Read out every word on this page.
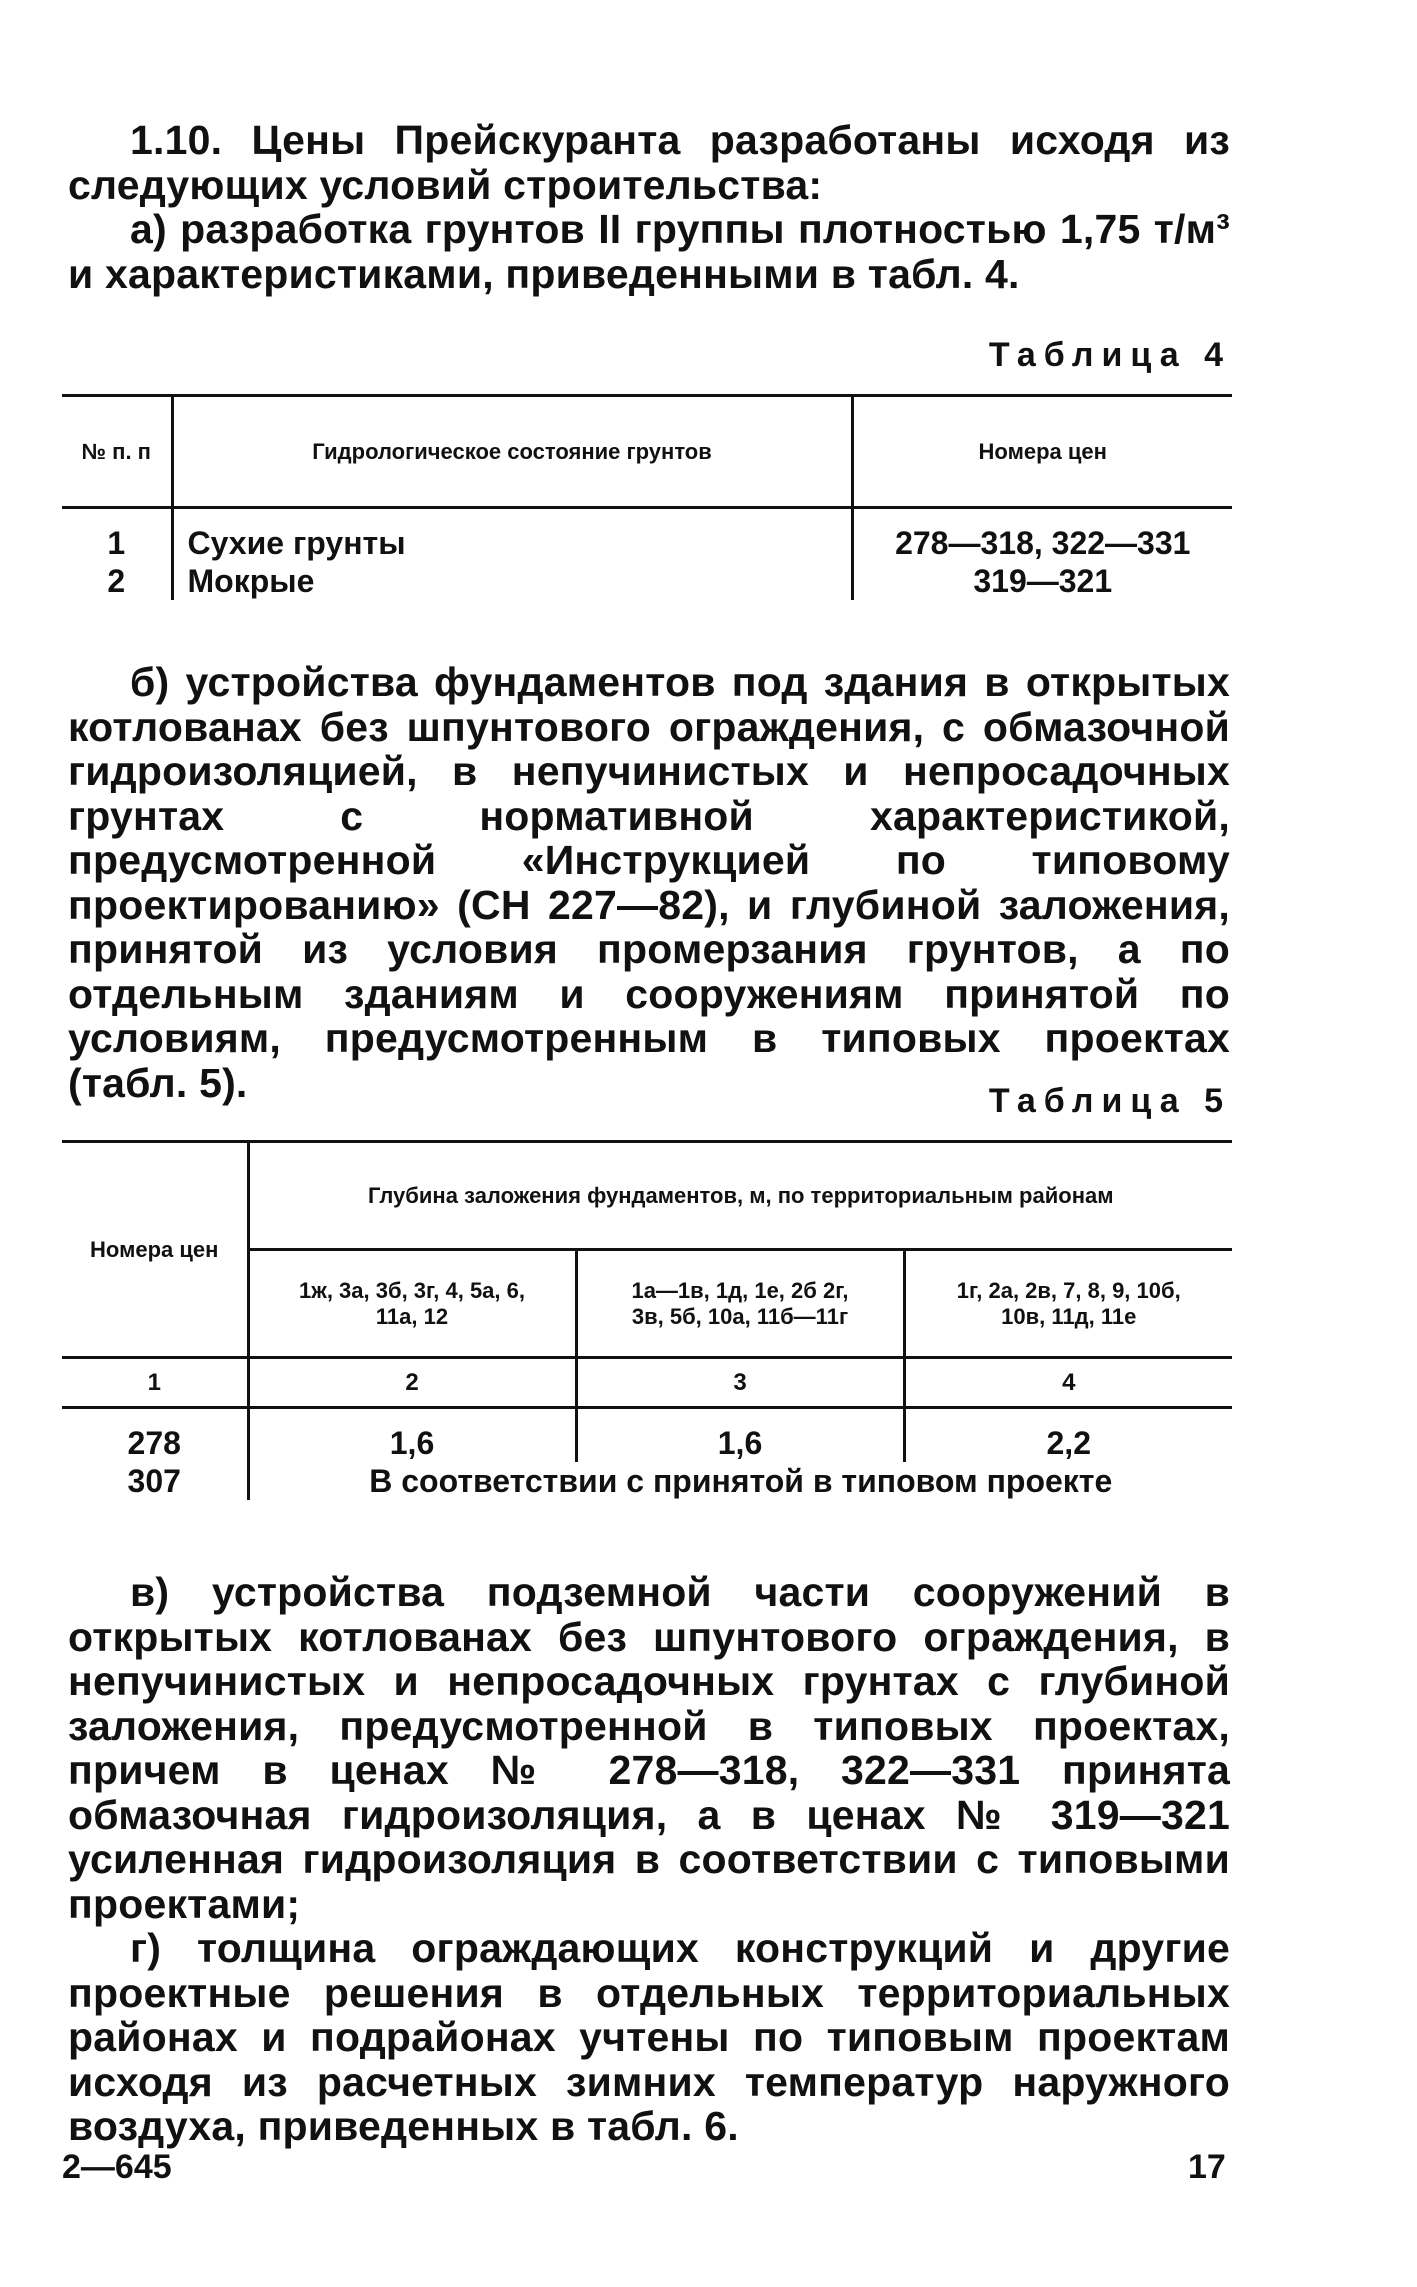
1.10. Цены Прейскуранта разработаны исходя из следующих условий строительства:

а) разработка грунтов II группы плотностью 1,75 т/м³ и характеристиками, приведенными в табл. 4.

Таблица 4
№ п. п	Гидрологическое состояние грунтов	Номера цен
1	Сухие грунты	278—318, 322—331
2	Мокрые	319—321

б) устройства фундаментов под здания в открытых котлованах без шпунтового ограждения, с обмазочной гидроизоляцией, в непучинистых и непросадочных грунтах с нормативной характеристикой, предусмотренной «Инструкцией по типовому проектированию» (СН 227—82), и глубиной заложения, принятой из условия промерзания грунтов, а по отдельным зданиям и сооружениям принятой по условиям, предусмотренным в типовых проектах (табл. 5).	Таблица 5
Номера цен	Глубина заложения фундаментов, м, по территориальным районам		
	1ж, 3а, 3б, 3г, 4, 5а, 6, 11а, 12	1а—1в, 1д, 1е, 2б 2г, 3в, 5б, 10а, 11б—11г	1г, 2а, 2в, 7, 8, 9, 10б, 10в, 11д, 11е
1	2	3	4
278	1,6	1,6	2,2
307	В соответствии с принятой в типовом проекте		

в) устройства подземной части сооружений в открытых котлованах без шпунтового ограждения, в непучинистых и непросадочных грунтах с глубиной заложения, предусмотренной в типовых проектах, причем в ценах № 278—318, 322—331 принята обмазочная гидроизоляция, а в ценах № 319—321 усиленная гидроизоляция в соответствии с типовыми проектами;

г) толщина ограждающих конструкций и другие проектные решения в отдельных территориальных районах и подрайонах учтены по типовым проектам исходя из расчетных зимних температур наружного воздуха, приведенных в табл. 6.

2—645	17
